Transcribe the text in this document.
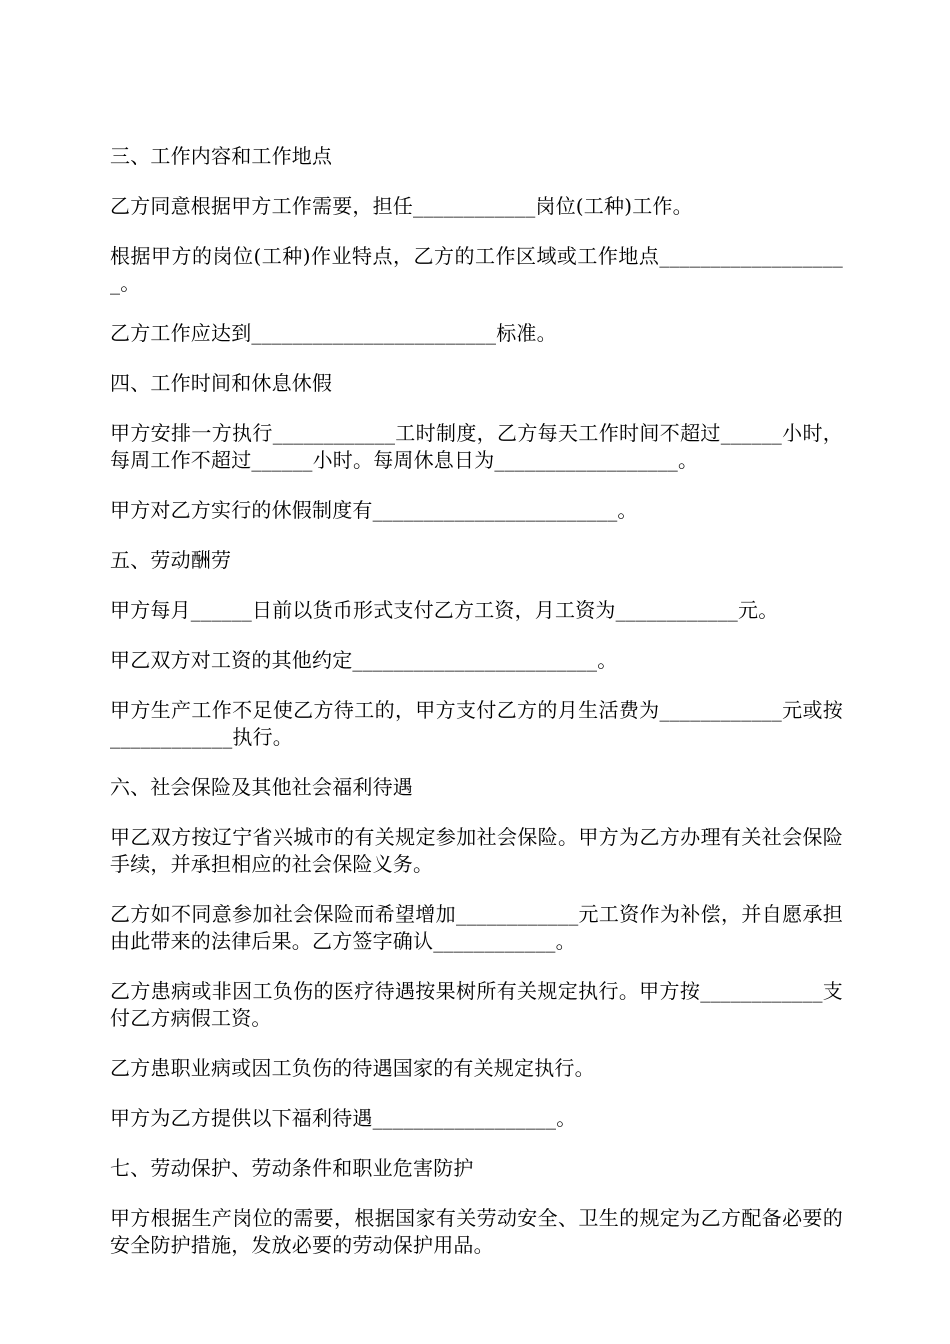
三、工作内容和工作地点

乙方同意根据甲方工作需要，担任____________岗位(工种)工作。

根据甲方的岗位(工种)作业特点，乙方的工作区域或工作地点___________________。

乙方工作应达到________________________标准。

四、工作时间和休息休假

甲方安排一方执行____________工时制度，乙方每天工作时间不超过______小时，每周工作不超过______小时。每周休息日为__________________。

甲方对乙方实行的休假制度有________________________。

五、劳动酬劳

甲方每月______日前以货币形式支付乙方工资，月工资为____________元。

甲乙双方对工资的其他约定________________________。

甲方生产工作不足使乙方待工的，甲方支付乙方的月生活费为____________元或按____________执行。

六、社会保险及其他社会福利待遇

甲乙双方按辽宁省兴城市的有关规定参加社会保险。甲方为乙方办理有关社会保险手续，并承担相应的社会保险义务。

乙方如不同意参加社会保险而希望增加____________元工资作为补偿，并自愿承担由此带来的法律后果。乙方签字确认____________。

乙方患病或非因工负伤的医疗待遇按果树所有关规定执行。甲方按____________支付乙方病假工资。

乙方患职业病或因工负伤的待遇国家的有关规定执行。

甲方为乙方提供以下福利待遇__________________。

七、劳动保护、劳动条件和职业危害防护

甲方根据生产岗位的需要，根据国家有关劳动安全、卫生的规定为乙方配备必要的安全防护措施，发放必要的劳动保护用品。
